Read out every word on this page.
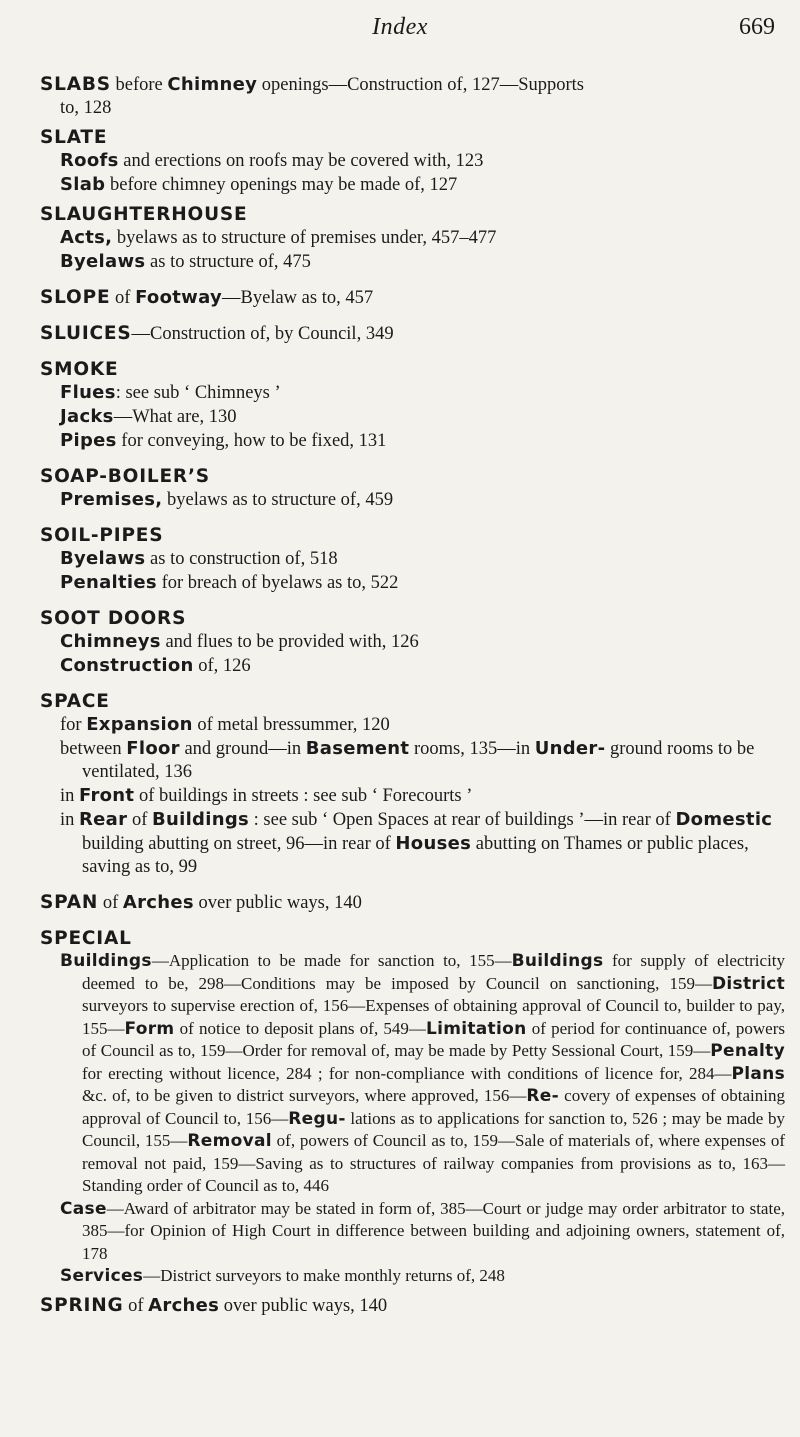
Index	669
SLABS before Chimney openings—Construction of, 127—Supports
to, 128
SLATE
Roofs and erections on roofs may be covered with, 123
Slab before chimney openings may be made of, 127
SLAUGHTERHOUSE
Acts, byelaws as to structure of premises under, 457–477
Byelaws as to structure of, 475
SLOPE of Footway—Byelaw as to, 457
SLUICES—Construction of, by Council, 349
SMOKE
Flues: see sub ‘ Chimneys ’
Jacks—What are, 130
Pipes for conveying, how to be fixed, 131
SOAP-BOILER’S
Premises, byelaws as to structure of, 459
SOIL-PIPES
Byelaws as to construction of, 518
Penalties for breach of byelaws as to, 522
SOOT DOORS
Chimneys and flues to be provided with, 126
Construction of, 126
SPACE
for Expansion of metal bressummer, 120
between Floor and ground—in Basement rooms, 135—in Under- ground rooms to be ventilated, 136
in Front of buildings in streets : see sub ‘ Forecourts ’
in Rear of Buildings : see sub ‘ Open Spaces at rear of buildings ’—in rear of Domestic building abutting on street, 96—in rear of Houses abutting on Thames or public places, saving as to, 99
SPAN of Arches over public ways, 140
SPECIAL
Buildings—Application to be made for sanction to, 155—Buildings for supply of electricity deemed to be, 298—Conditions may be imposed by Council on sanctioning, 159—District surveyors to supervise erection of, 156—Expenses of obtaining approval of Council to, builder to pay, 155—Form of notice to deposit plans of, 549—Limitation of period for continuance of, powers of Council as to, 159—Order for removal of, may be made by Petty Sessional Court, 159—Penalty for erecting without licence, 284 ; for non-compliance with conditions of licence for, 284—Plans &c. of, to be given to district surveyors, where approved, 156—Re- covery of expenses of obtaining approval of Council to, 156—Regu- lations as to applications for sanction to, 526 ; may be made by Council, 155—Removal of, powers of Council as to, 159—Sale of materials of, where expenses of removal not paid, 159—Saving as to structures of railway companies from provisions as to, 163— Standing order of Council as to, 446
Case—Award of arbitrator may be stated in form of, 385—Court or judge may order arbitrator to state, 385—for Opinion of High Court in difference between building and adjoining owners, statement of, 178
Services—District surveyors to make monthly returns of, 248
SPRING of Arches over public ways, 140
